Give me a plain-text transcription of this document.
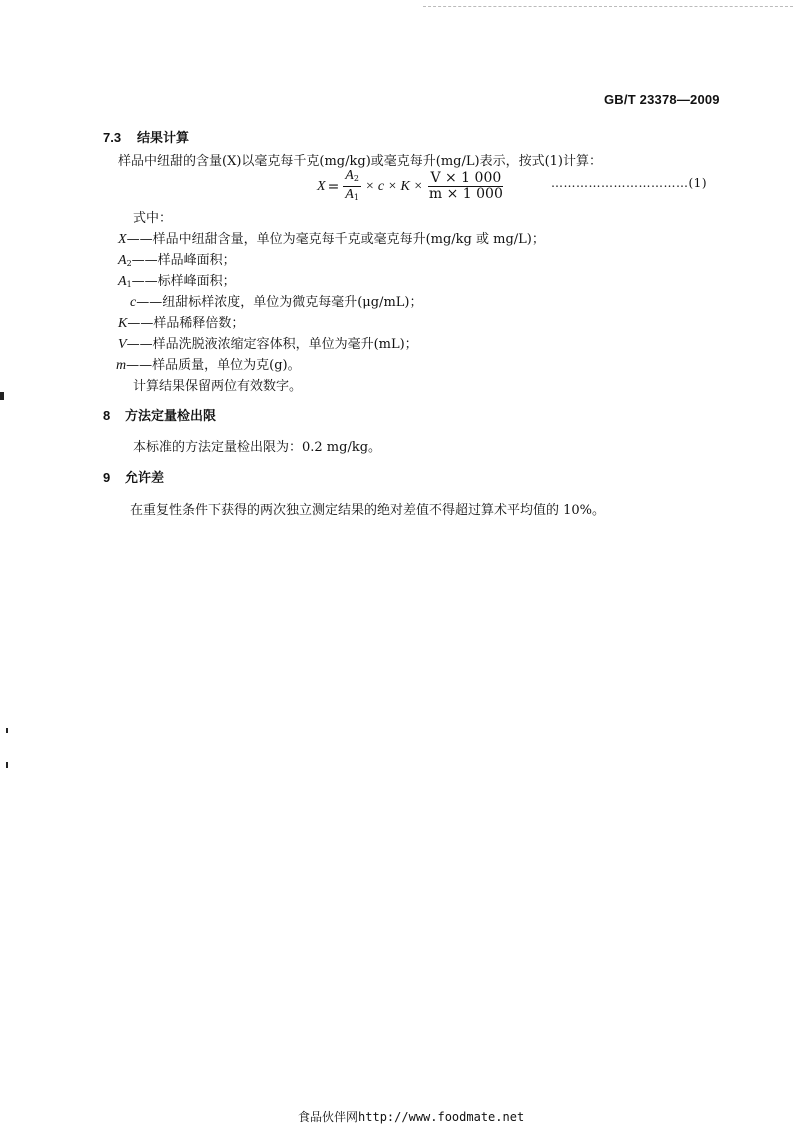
GB/T 23378—2009
7.3 结果计算
样品中纽甜的含量(X)以毫克每千克(mg/kg)或毫克每升(mg/L)表示，按式(1)计算：
$X = \frac{A_2}{A_1} \times c \times K \times \frac{V \times 1 000}{m \times 1 000}$	……………………………(1)
式中：
X——样品中纽甜含量，单位为毫克每千克或毫克每升(mg/kg 或 mg/L)；
$A_2——$样品峰面积；
$A_1——$标样峰面积；
c——纽甜标样浓度，单位为微克每毫升(μg/mL)；
K——样品稀释倍数；
V——样品洗脱液浓缩定容体积，单位为毫升(mL)；
m——样品质量，单位为克(g)。
计算结果保留两位有效数字。
8 方法定量检出限
本标准的方法定量检出限为：0.2 mg/kg。
9 允许差
在重复性条件下获得的两次独立测定结果的绝对差值不得超过算术平均值的 10%。
食品伙伴网http://www.foodmate.net
